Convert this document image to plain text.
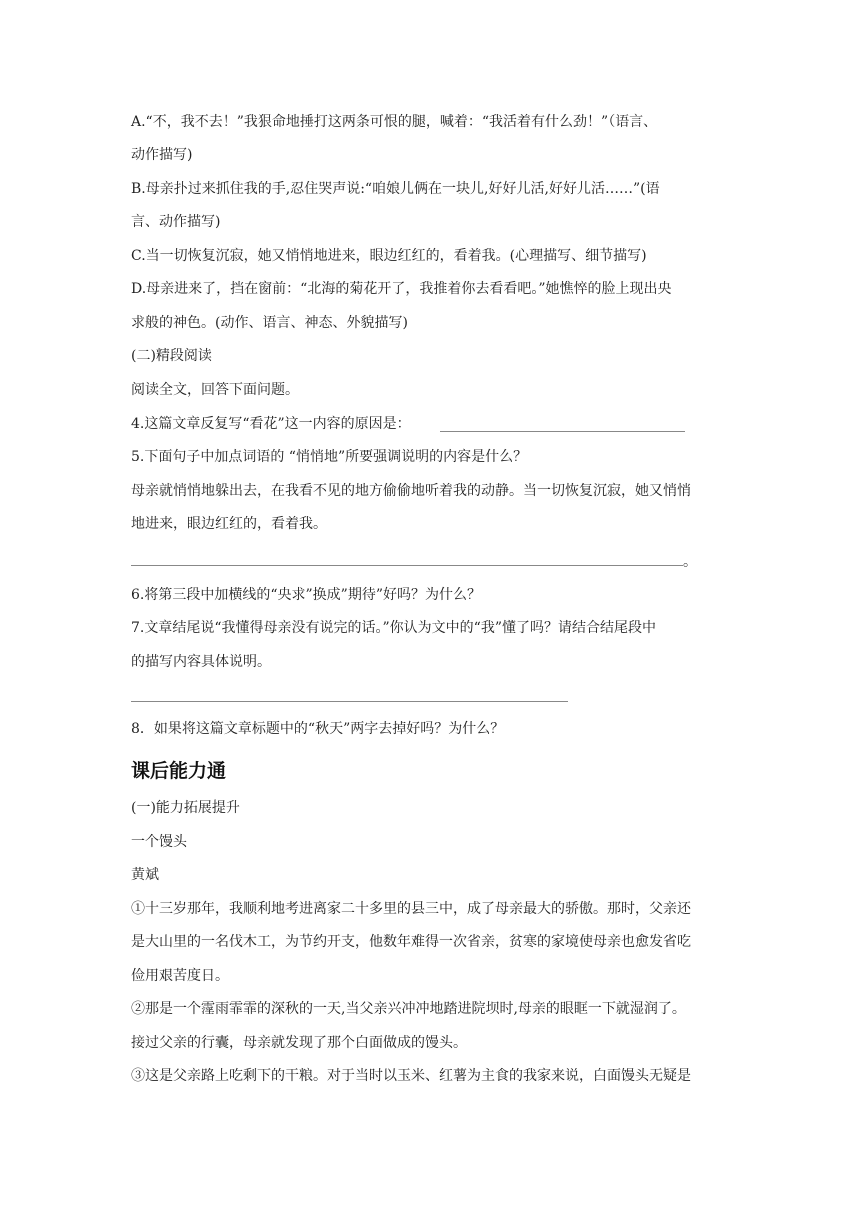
A.“不，我不去！”我狠命地捶打这两条可恨的腿，喊着：“我活着有什么劲！”（语言、
动作描写)
B.母亲扑过来抓住我的手,忍住哭声说:“咱娘儿俩在一块儿,好好儿活,好好儿活……”(语
言、动作描写)
C.当一切恢复沉寂，她又悄悄地进来，眼边红红的，看着我。(心理描写、细节描写)
D.母亲进来了，挡在窗前：“北海的菊花开了，我推着你去看看吧。”她憔悴的脸上现出央
求般的神色。(动作、语言、神态、外貌描写)
(二)精段阅读
阅读全文，回答下面问题。
4.这篇文章反复写“看花”这一内容的原因是：
5.下面句子中加点词语的 “悄悄地”所要强调说明的内容是什么？
母亲就悄悄地躲出去，在我看不见的地方偷偷地听着我的动静。当一切恢复沉寂，她又悄悄
地进来，眼边红红的，看着我。
。
6.将第三段中加横线的“央求”换成”期待”好吗？为什么？
7.文章结尾说“我懂得母亲没有说完的话。”你认为文中的“我”懂了吗？请结合结尾段中
的描写内容具体说明。
8．如果将这篇文章标题中的“秋天”两字去掉好吗？为什么？
课后能力通
(一)能力拓展提升
一个馒头
黄斌
①十三岁那年，我顺利地考进离家二十多里的县三中，成了母亲最大的骄傲。那时，父亲还
是大山里的一名伐木工，为节约开支，他数年难得一次省亲，贫寒的家境使母亲也愈发省吃
俭用艰苦度日。
②那是一个霪雨霏霏的深秋的一天,当父亲兴冲冲地踏进院坝时,母亲的眼眶一下就湿润了。
接过父亲的行囊，母亲就发现了那个白面做成的馒头。
③这是父亲路上吃剩下的干粮。对于当时以玉米、红薯为主食的我家来说，白面馒头无疑是
